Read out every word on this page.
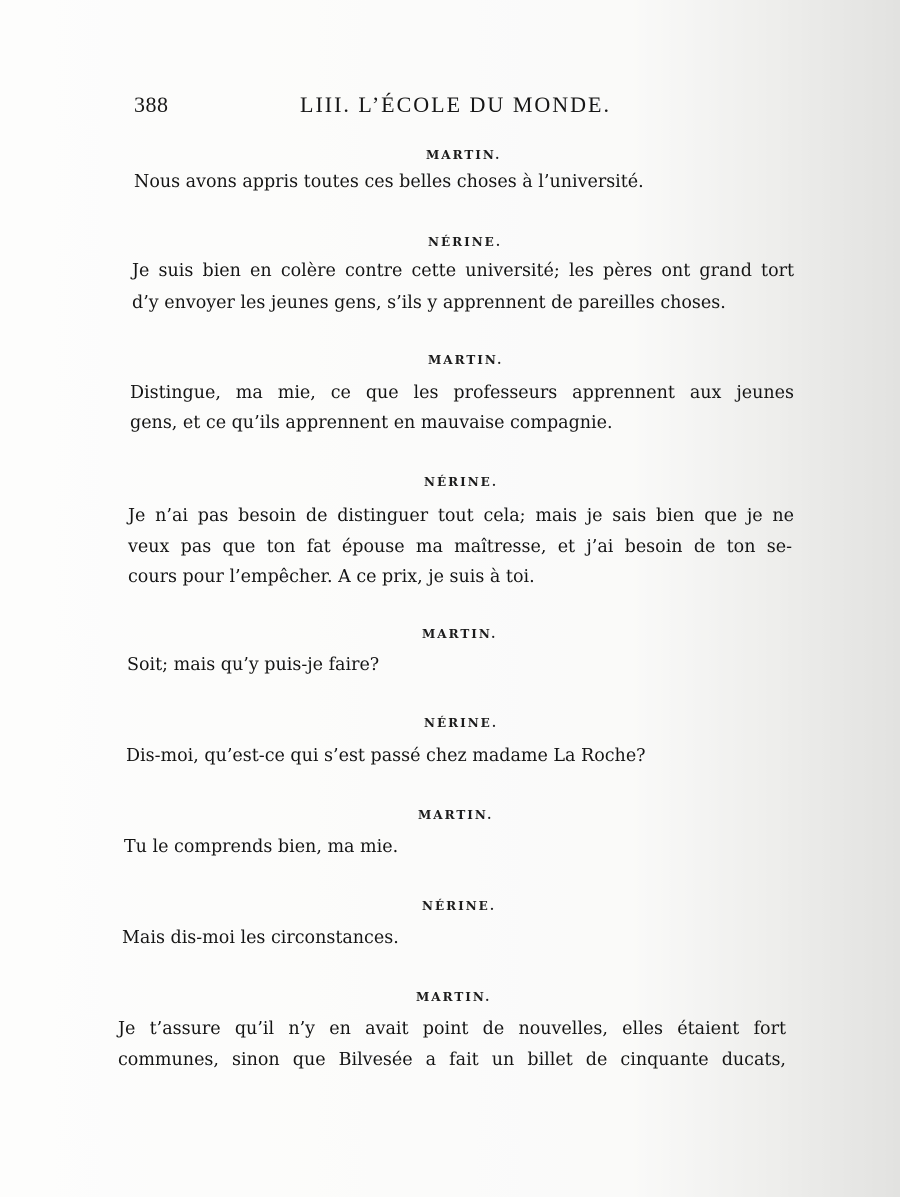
388	LIII. L’ÉCOLE DU MONDE.
MARTIN.
Nous avons appris toutes ces belles choses à l’université.
NÉRINE.
Je suis bien en colère contre cette université; les pères ont grand tort
d’y envoyer les jeunes gens, s’ils y apprennent de pareilles choses.
MARTIN.
Distingue, ma mie, ce que les professeurs apprennent aux jeunes
gens, et ce qu’ils apprennent en mauvaise compagnie.
NÉRINE.
Je n’ai pas besoin de distinguer tout cela; mais je sais bien que je ne
veux pas que ton fat épouse ma maîtresse, et j’ai besoin de ton se-
cours pour l’empêcher. A ce prix, je suis à toi.
MARTIN.
Soit; mais qu’y puis-je faire?
NÉRINE.
Dis-moi, qu’est-ce qui s’est passé chez madame La Roche?
MARTIN.
Tu le comprends bien, ma mie.
NÉRINE.
Mais dis-moi les circonstances.
MARTIN.
Je t’assure qu’il n’y en avait point de nouvelles, elles étaient fort
communes, sinon que Bilvesée a fait un billet de cinquante ducats,
